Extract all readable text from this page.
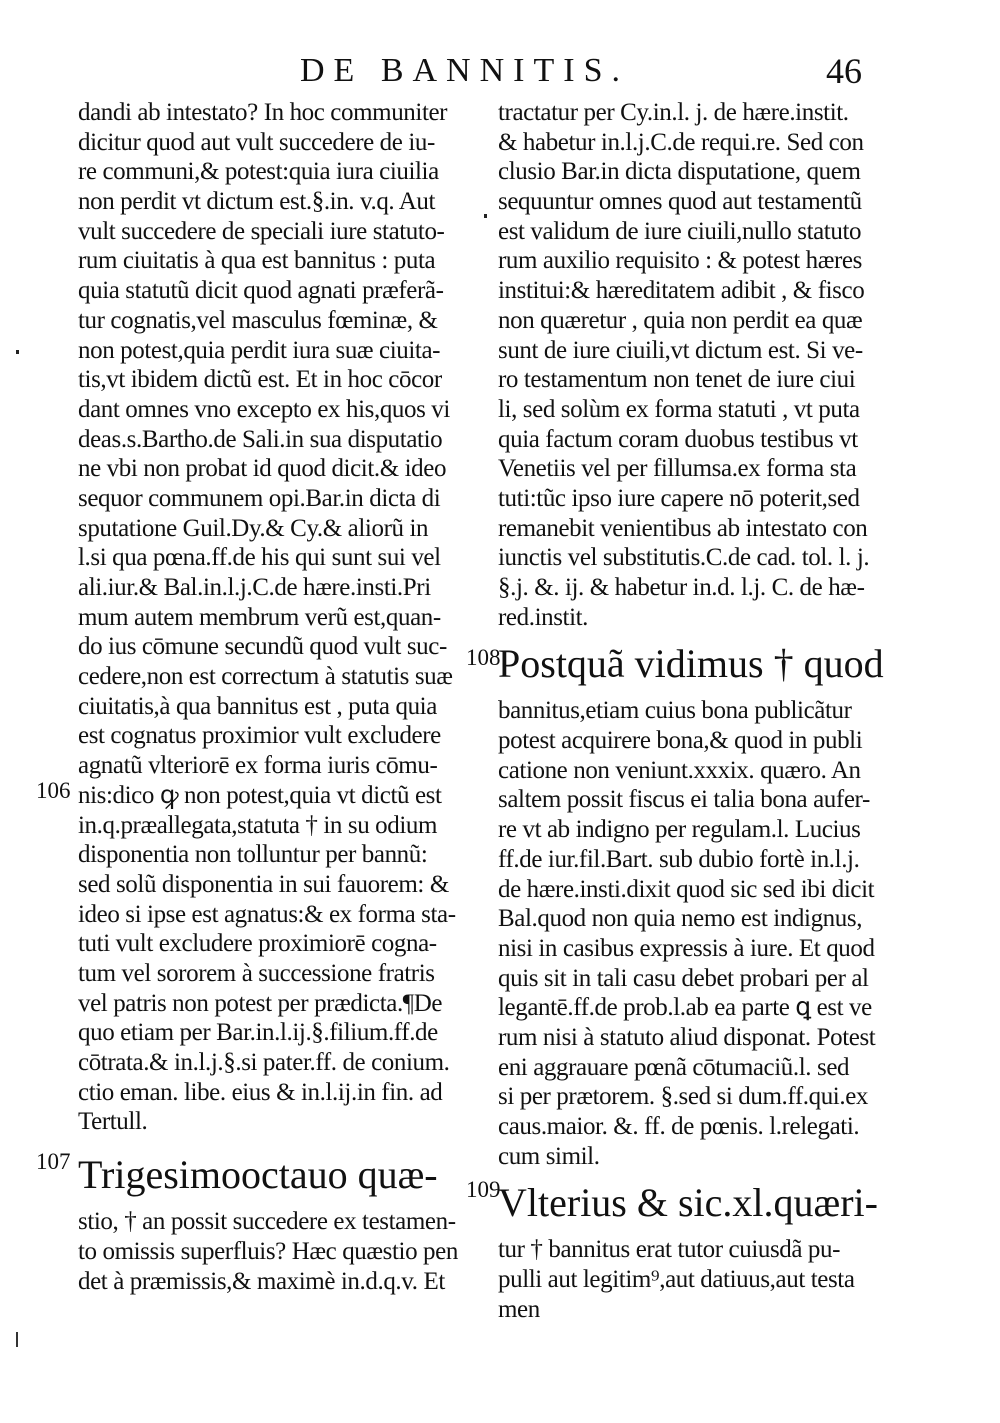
DE BANNITIS.	46
dandi ab intestato? In hoc communiter
dicitur quod aut vult succedere de iu-
re communi,& potest:quia iura ciuilia
non perdit vt dictum est.§.in. v.q. Aut
vult succedere de speciali iure statuto-
rum ciuitatis à qua est bannitus : puta
quia statutũ dicit quod agnati præferã-
tur cognatis,vel masculus fœminæ, &
non potest,quia perdit iura suæ ciuita-
tis,vt ibidem dictũ est. Et in hoc cōcor
dant omnes vno excepto ex his,quos vi
deas.s.Bartho.de Sali.in sua disputatio
ne vbi non probat id quod dicit.& ideo
sequor communem opi.Bar.in dicta di
sputatione Guil.Dy.& Cy.& aliorũ in
l.si qua pœna.ff.de his qui sunt sui vel
ali.iur.& Bal.in.l.j.C.de hære.insti.Pri
mum autem membrum verũ est,quan-
do ius cōmune secundũ quod vult suc-
cedere,non est correctum à statutis suæ
ciuitatis,à qua bannitus est , puta quia
est cognatus proximior vult excludere
agnatũ vlteriorē ex forma iuris cōmu-
nis:dico ꝙ non potest,quia vt dictũ est
in.q.præallegata,statuta † in su odium
disponentia non tolluntur per bannũ:
sed solũ disponentia in sui fauorem: &
ideo si ipse est agnatus:& ex forma sta-
tuti vult excludere proximiorē cogna-
tum vel sororem à successione fratris
vel patris non potest per prædicta.¶De
quo etiam per Bar.in.l.ij.§.filium.ff.de
cōtrata.& in.l.j.§.si pater.ff. de conium.
ctio eman. libe. eius & in.l.ij.in fin. ad
Tertull.
Trigesimooctauo quæ-
stio, † an possit succedere ex testamen-
to omissis superfluis? Hæc quæstio pen
det à præmissis,& maximè in.d.q.v. Et
tractatur per Cy.in.l. j. de hære.instit.
& habetur in.l.j.C.de requi.re. Sed con
clusio Bar.in dicta disputatione, quem
sequuntur omnes quod aut testamentũ
est validum de iure ciuili,nullo statuto
rum auxilio requisito : & potest hæres
institui:& hæreditatem adibit , & fisco
non quæretur , quia non perdit ea quæ
sunt de iure ciuili,vt dictum est. Si ve-
ro testamentum non tenet de iure ciui
li, sed solùm ex forma statuti , vt puta
quia factum coram duobus testibus vt
Venetiis vel per fillumsa.ex forma sta
tuti:tũc ipso iure capere nō poterit,sed
remanebit venientibus ab intestato con
iunctis vel substitutis.C.de cad. tol. l. j.
§.j. &. ij. & habetur in.d. l.j. C. de hæ-
red.instit.
Postquã vidimus † quod
bannitus,etiam cuius bona publicãtur
potest acquirere bona,& quod in publi
catione non veniunt.xxxix. quæro. An
saltem possit fiscus ei talia bona aufer-
re vt ab indigno per regulam.l. Lucius
ff.de iur.fil.Bart. sub dubio fortè in.l.j.
de hære.insti.dixit quod sic sed ibi dicit
Bal.quod non quia nemo est indignus,
nisi in casibus expressis à iure. Et quod
quis sit in tali casu debet probari per al
legantē.ff.de prob.l.ab ea parte ꝗ est ve
rum nisi à statuto aliud disponat. Potest
eni aggrauare pœnã cōtumaciũ.l. sed
si per prætorem. §.sed si dum.ff.qui.ex
caus.maior. &. ff. de pœnis. l.relegati.
cum simil.
Vlterius & sic.xl.quæri-
tur † bannitus erat tutor cuiusdã pu-
pulli aut legitim⁹,aut datiuus,aut testa
men
106
107
108
109
